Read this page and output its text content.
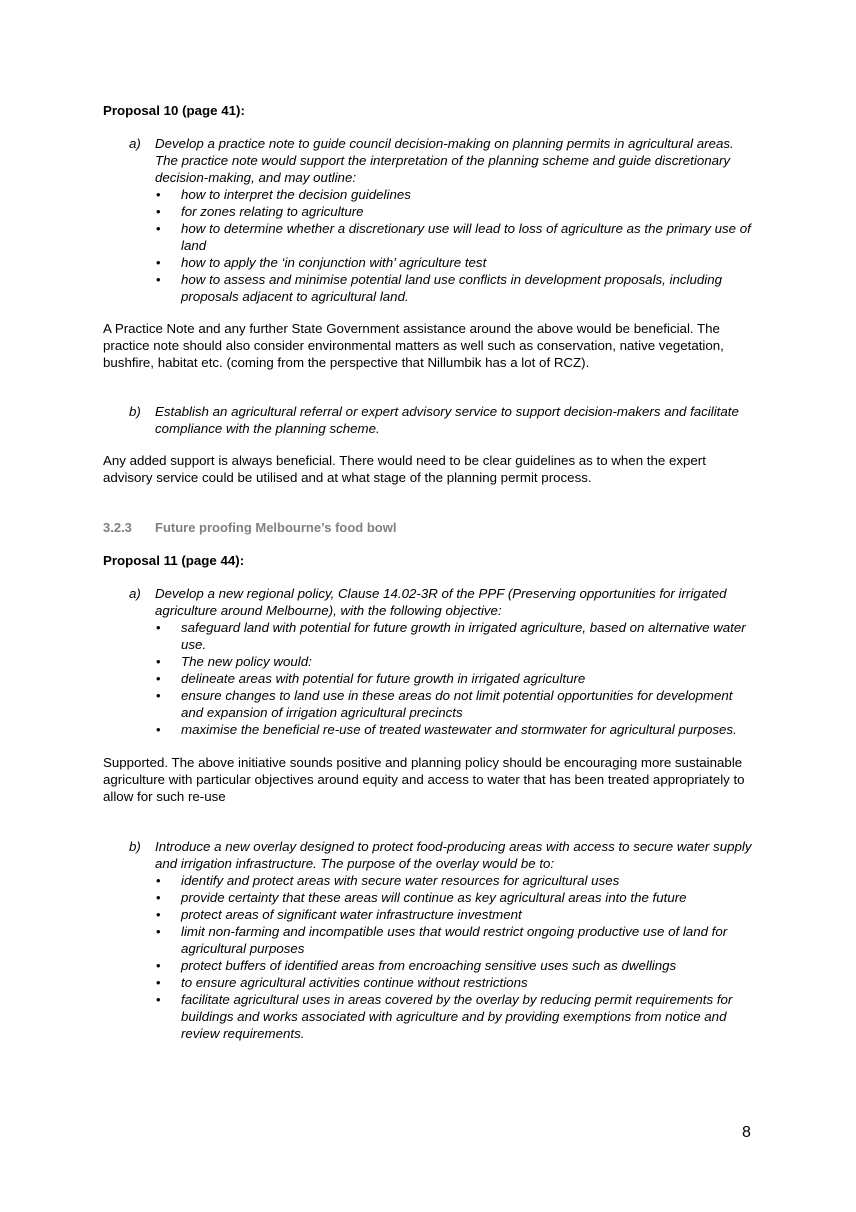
Proposal 10 (page 41):

a) Develop a practice note to guide council decision-making on planning permits in agricultural areas. The practice note would support the interpretation of the planning scheme and guide discretionary decision-making, and may outline:

• how to interpret the decision guidelines
• for zones relating to agriculture
• how to determine whether a discretionary use will lead to loss of agriculture as the primary use of land
• how to apply the ‘in conjunction with’ agriculture test
• how to assess and minimise potential land use conflicts in development proposals, including proposals adjacent to agricultural land.

A Practice Note and any further State Government assistance around the above would be beneficial. The practice note should also consider environmental matters as well such as conservation, native vegetation, bushfire, habitat etc. (coming from the perspective that Nillumbik has a lot of RCZ).

b) Establish an agricultural referral or expert advisory service to support decision-makers and facilitate compliance with the planning scheme.

Any added support is always beneficial. There would need to be clear guidelines as to when the expert advisory service could be utilised and at what stage of the planning permit process.

3.2.3 Future proofing Melbourne’s food bowl

Proposal 11 (page 44):

a) Develop a new regional policy, Clause 14.02-3R of the PPF (Preserving opportunities for irrigated agriculture around Melbourne), with the following objective:

• safeguard land with potential for future growth in irrigated agriculture, based on alternative water use.
• The new policy would:
• delineate areas with potential for future growth in irrigated agriculture
• ensure changes to land use in these areas do not limit potential opportunities for development and expansion of irrigation agricultural precincts
• maximise the beneficial re-use of treated wastewater and stormwater for agricultural purposes.

Supported. The above initiative sounds positive and planning policy should be encouraging more sustainable agriculture with particular objectives around equity and access to water that has been treated appropriately to allow for such re-use

b) Introduce a new overlay designed to protect food-producing areas with access to secure water supply and irrigation infrastructure. The purpose of the overlay would be to:

• identify and protect areas with secure water resources for agricultural uses
• provide certainty that these areas will continue as key agricultural areas into the future
• protect areas of significant water infrastructure investment
• limit non-farming and incompatible uses that would restrict ongoing productive use of land for agricultural purposes
• protect buffers of identified areas from encroaching sensitive uses such as dwellings
• to ensure agricultural activities continue without restrictions
• facilitate agricultural uses in areas covered by the overlay by reducing permit requirements for buildings and works associated with agriculture and by providing exemptions from notice and review requirements.
8
